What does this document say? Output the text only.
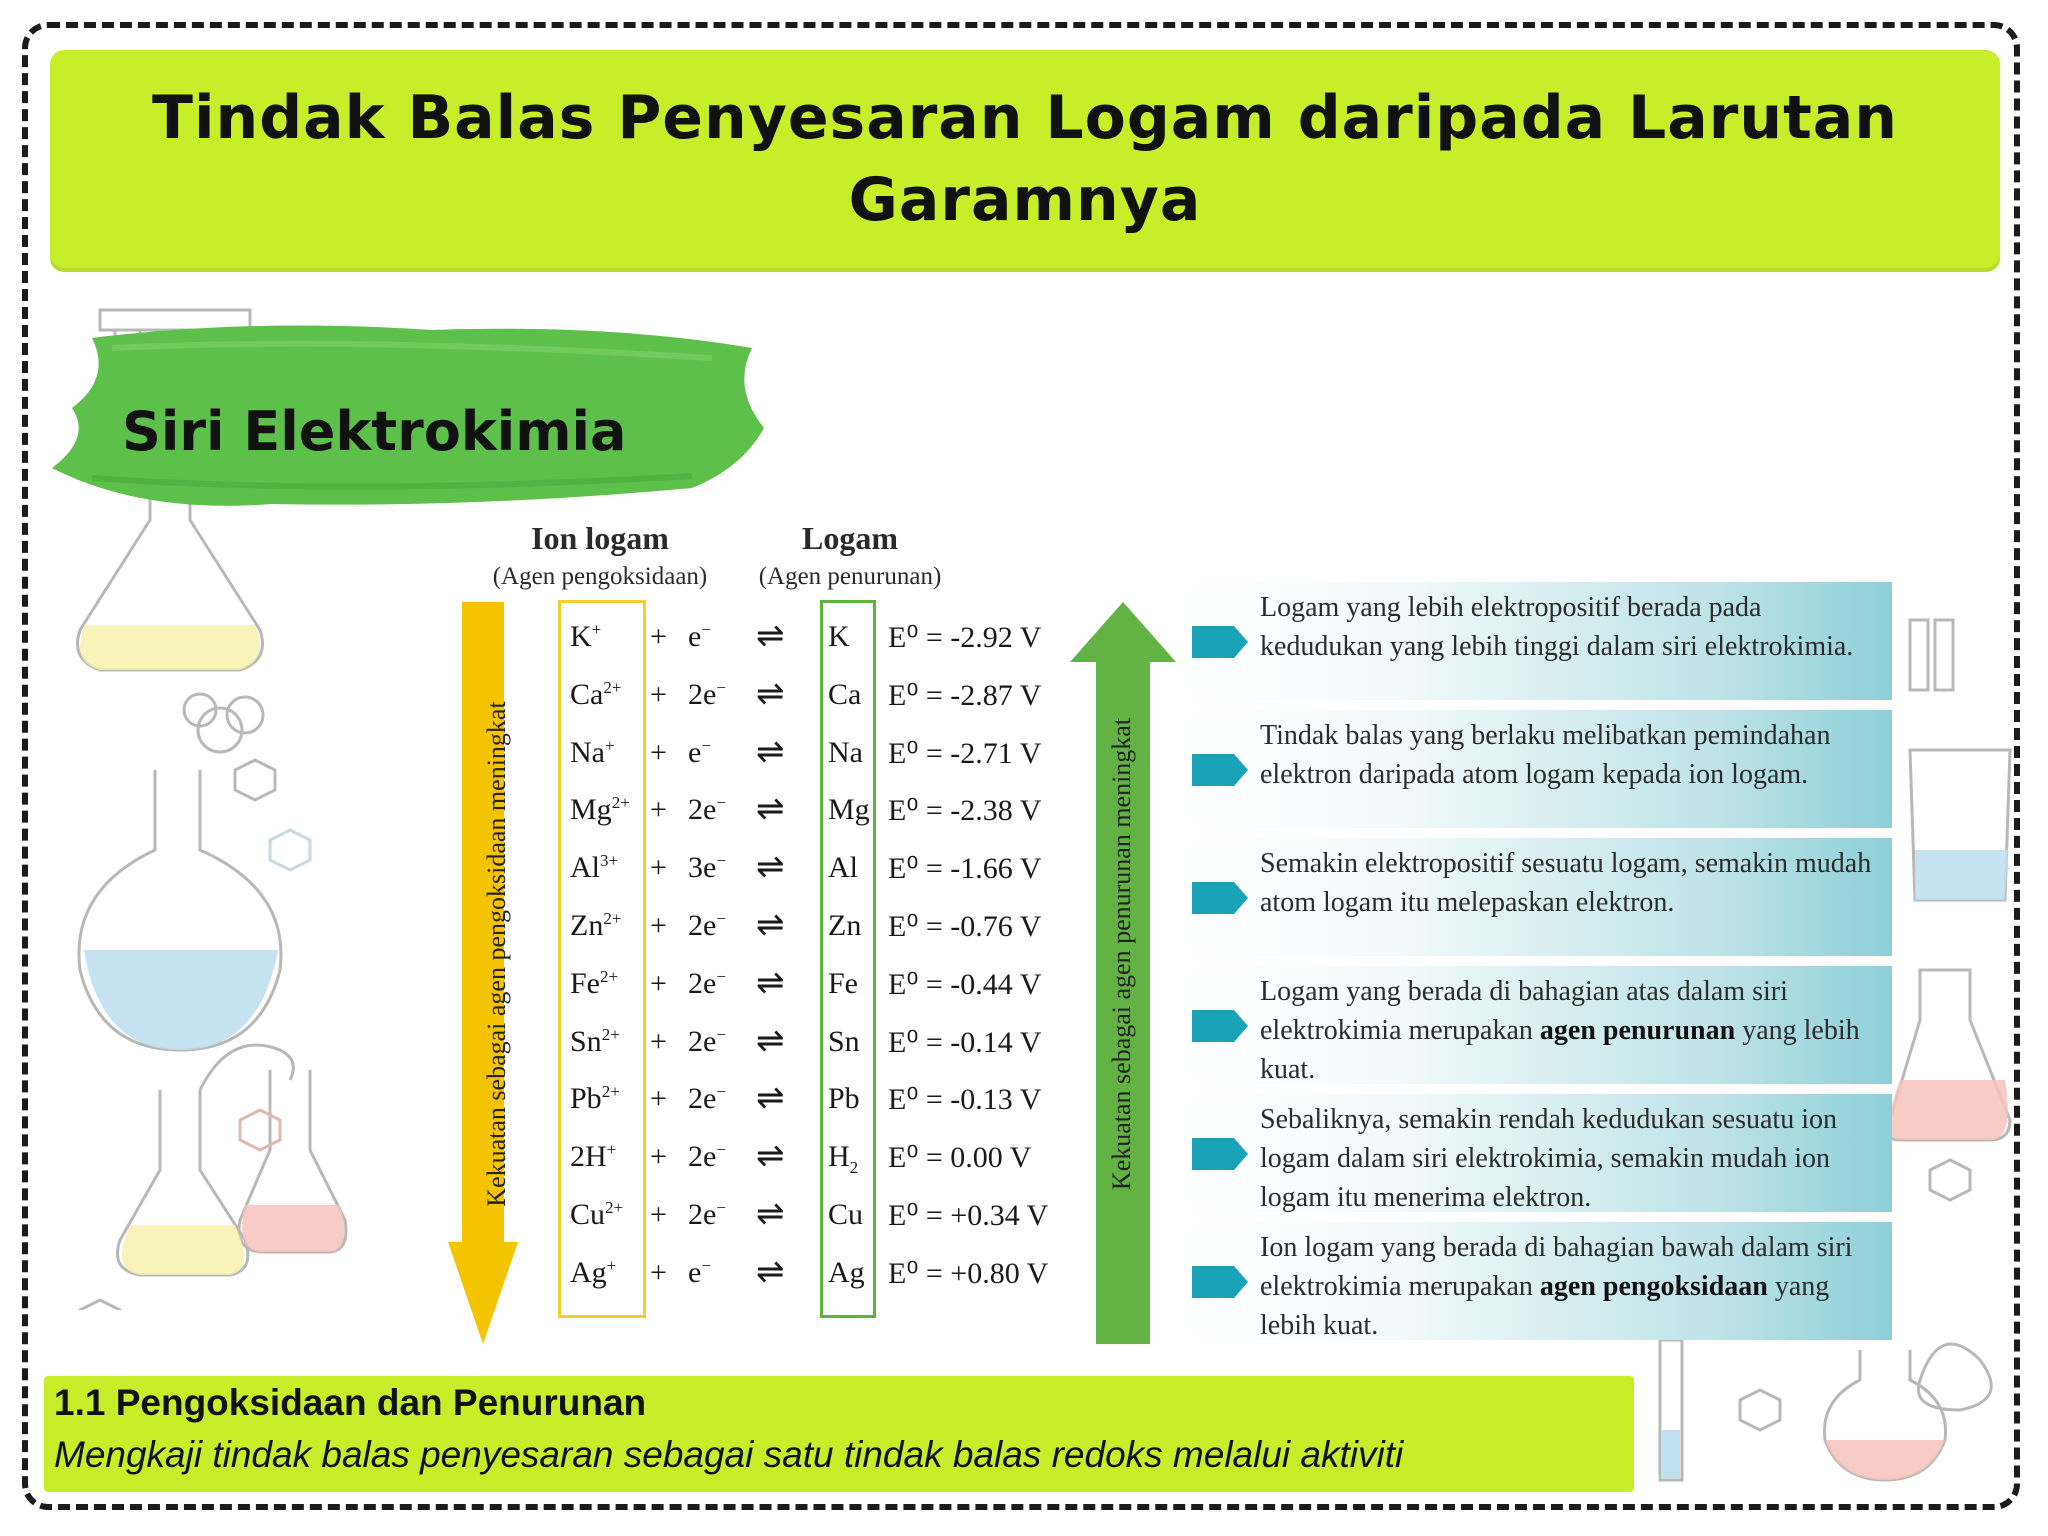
Tindak Balas Penyesaran Logam daripada Larutan
Garamnya
Siri Elektrokimia
Ion logam
(Agen pengoksidaan)
Logam
(Agen penurunan)
Kekuatan sebagai agen pengoksidaan meningkat	Kekuatan sebagai agen penurunan meningkat
K+ + e− ⇌ K E⁰ = -2.92 V
$Ca^{2+} + 2e^-$ ⇌ Ca E⁰ = -2.87 V
Na+ + e− ⇌ Na E⁰ = -2.71 V
$Mg^{2+} + 2e^-$ ⇌ Mg E⁰ = -2.38 V
$Al^{3+} + 3e^-$ ⇌ Al E⁰ = -1.66 V
$Zn^{2+} + 2e^-$ ⇌ Zn E⁰ = -0.76 V
$Fe^{2+} + 2e^-$ ⇌ Fe E⁰ = -0.44 V
$Sn^{2+} + 2e^-$ ⇌ Sn E⁰ = -0.14 V
$Pb^{2+} + 2e^-$ ⇌ Pb E⁰ = -0.13 V
2H+ + 2e− ⇌ $H_2$ E⁰ = 0.00 V
$Cu^{2+} + 2e^-$ ⇌ Cu E⁰ = +0.34 V
Ag+ + e− ⇌ Ag E⁰ = +0.80 V
Logam yang lebih elektropositif berada pada kedudukan yang lebih tinggi dalam siri elektrokimia.
Tindak balas yang berlaku melibatkan pemindahan elektron daripada atom logam kepada ion logam.
Semakin elektropositif sesuatu logam, semakin mudah atom logam itu melepaskan elektron.
Logam yang berada di bahagian atas dalam siri elektrokimia merupakan agen penurunan yang lebih kuat.
Sebaliknya, semakin rendah kedudukan sesuatu ion logam dalam siri elektrokimia, semakin mudah ion logam itu menerima elektron.
Ion logam yang berada di bahagian bawah dalam siri elektrokimia merupakan agen pengoksidaan yang lebih kuat.
1.1 Pengoksidaan dan Penurunan
Mengkaji tindak balas penyesaran sebagai satu tindak balas redoks melalui aktiviti
